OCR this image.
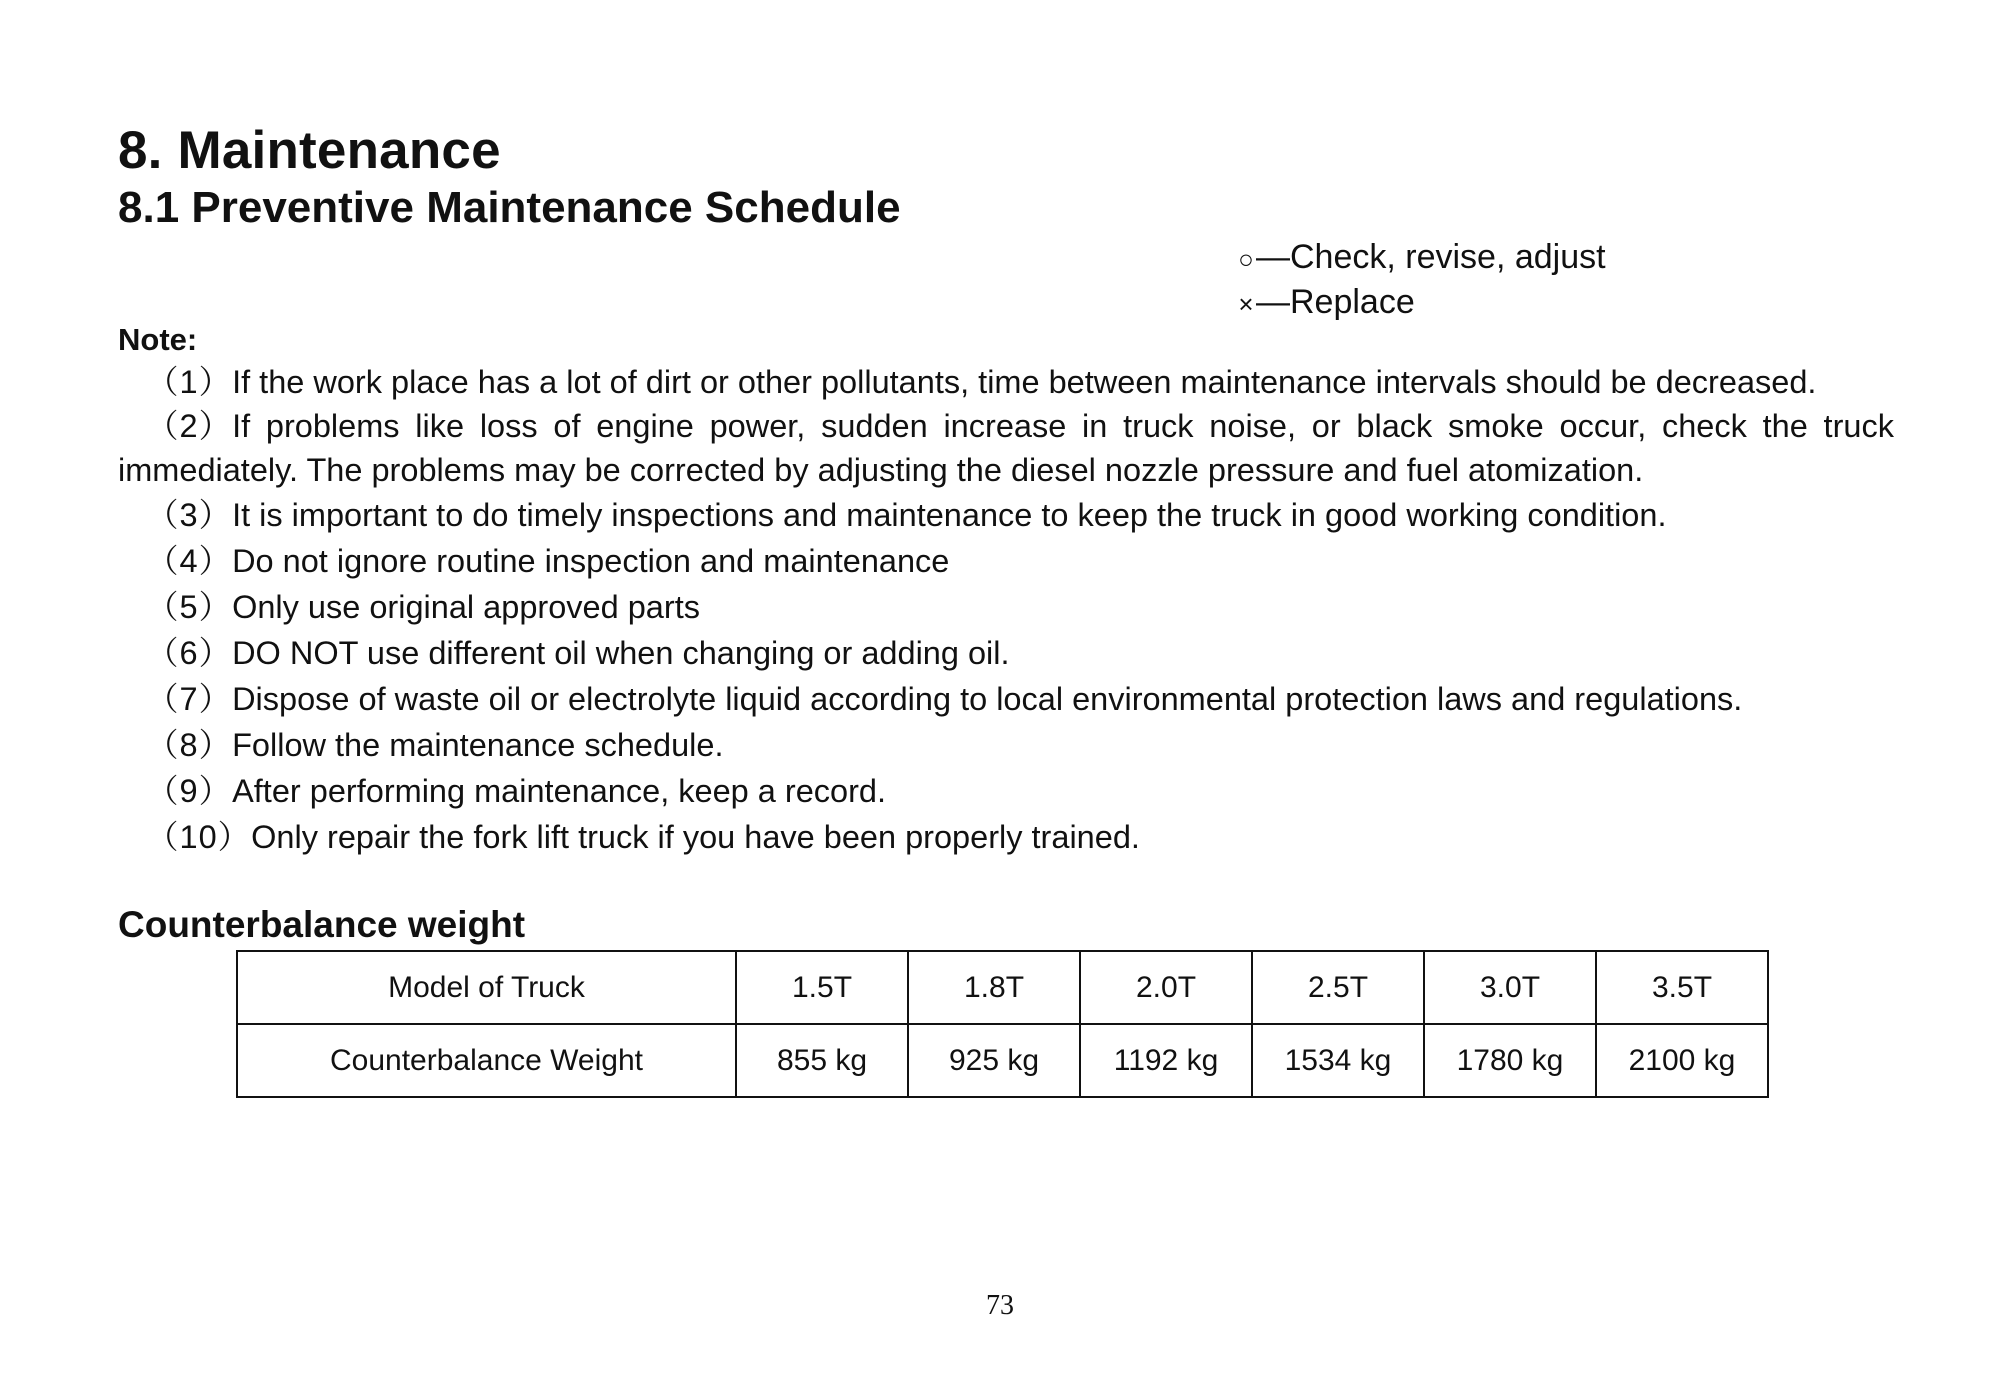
8. Maintenance
8.1 Preventive Maintenance Schedule
○—Check, revise, adjust
×—Replace
Note:

（1）If the work place has a lot of dirt or other pollutants, time between maintenance intervals should be decreased.

（2）If problems like loss of engine power, sudden increase in truck noise, or black smoke occur, check the truck immediately. The problems may be corrected by adjusting the diesel nozzle pressure and fuel atomization.

（3）It is important to do timely inspections and maintenance to keep the truck in good working condition.

（4）Do not ignore routine inspection and maintenance

（5）Only use original approved parts

（6）DO NOT use different oil when changing or adding oil.

（7）Dispose of waste oil or electrolyte liquid according to local environmental protection laws and regulations.

（8）Follow the maintenance schedule.

（9）After performing maintenance, keep a record.

（10）Only repair the fork lift truck if you have been properly trained.

Counterbalance weight
Model of Truck	1.5T	1.8T	2.0T	2.5T	3.0T	3.5T
Counterbalance Weight	855 kg	925 kg	1192 kg	1534 kg	1780 kg	2100 kg
73
